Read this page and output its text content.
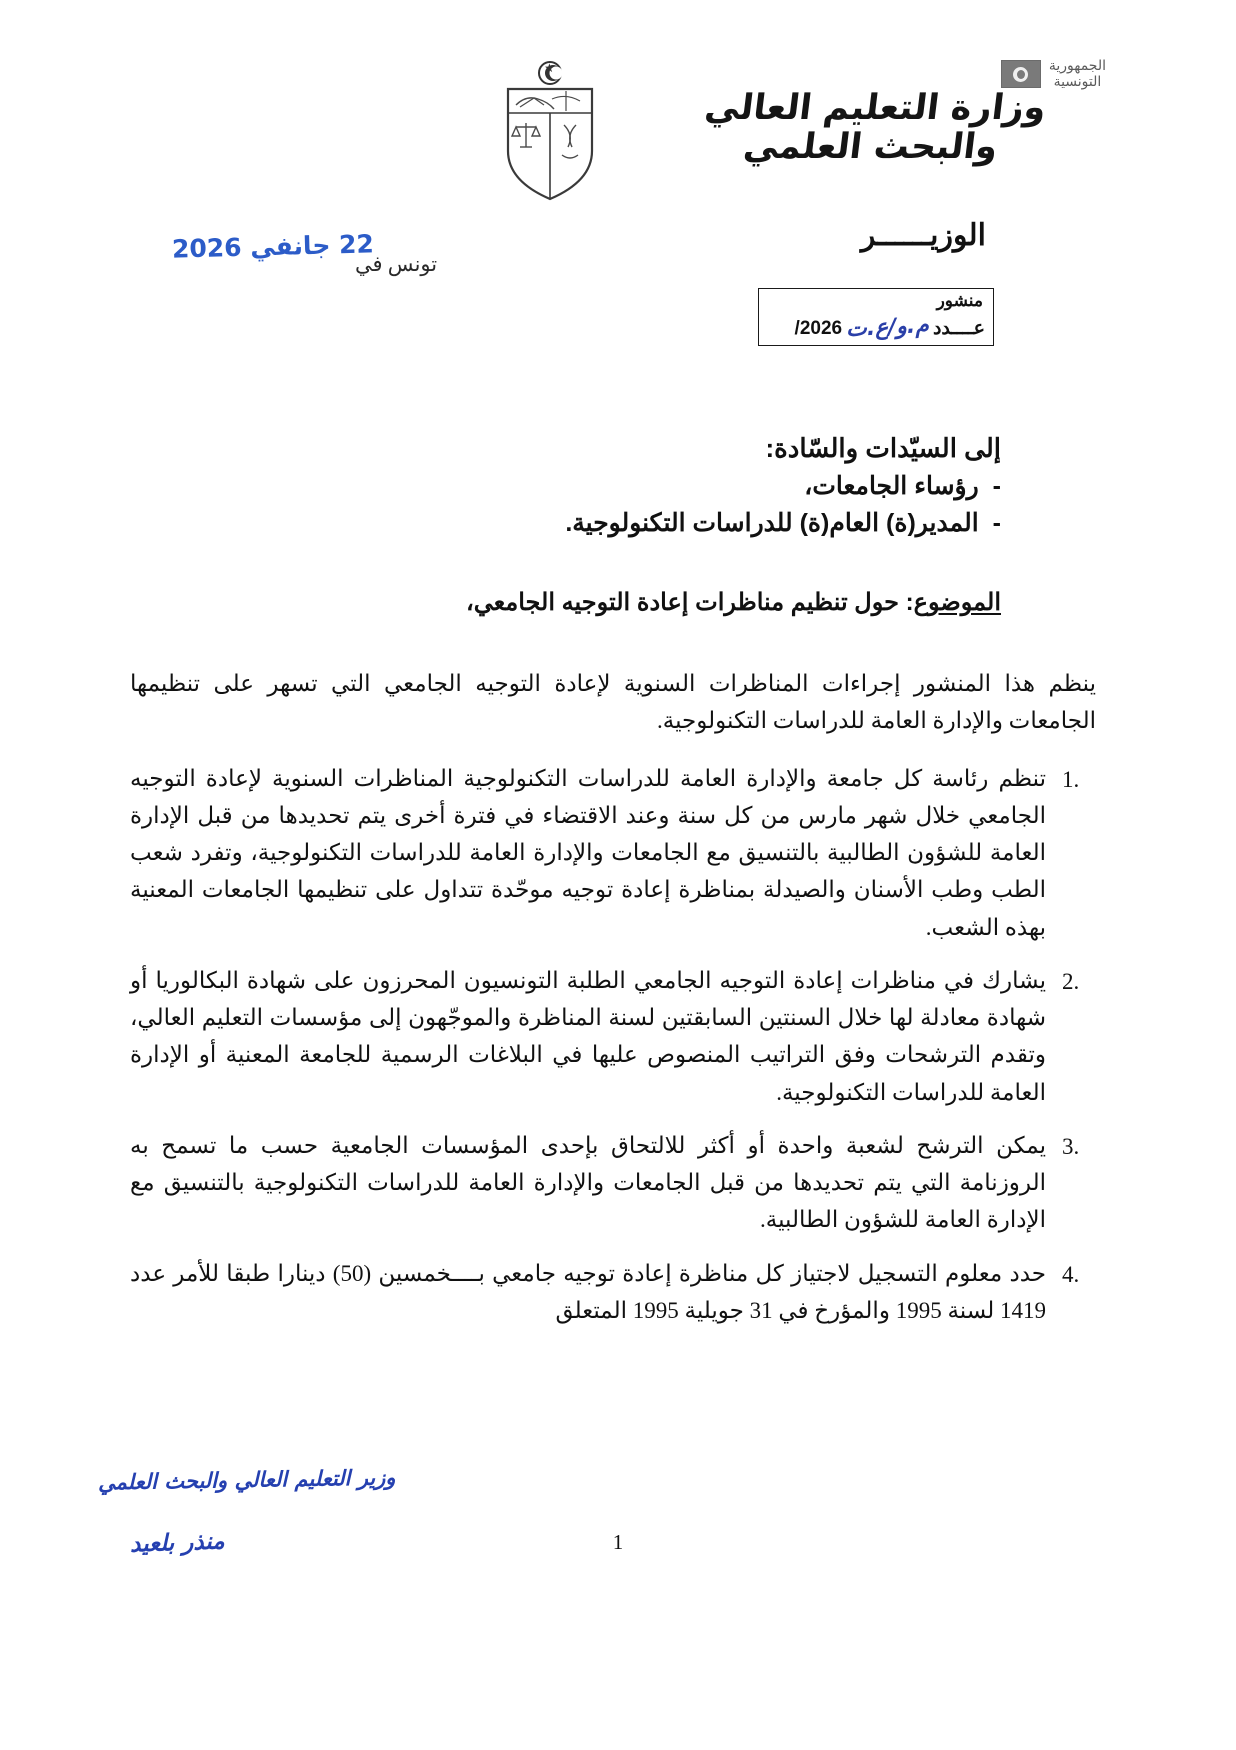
الجمهورية
التونسية
وزارة التعليم العالي
والبحث العلمي
الوزيــــــر
تونس في
22 جانفي 2026
منشور
عــــدد
م.و/ع.ت
2026/
إلى السيّدات والسّادة:
-
رؤساء الجامعات،
-
المدير(ة) العام(ة) للدراسات التكنولوجية.
الموضوع: حول تنظيم مناظرات إعادة التوجيه الجامعي،

ينظم هذا المنشور إجراءات المناظرات السنوية لإعادة التوجيه الجامعي التي تسهر على تنظيمها الجامعات والإدارة العامة للدراسات التكنولوجية.

.1
تنظم رئاسة كل جامعة والإدارة العامة للدراسات التكنولوجية المناظرات السنوية لإعادة التوجيه الجامعي خلال شهر مارس من كل سنة وعند الاقتضاء في فترة أخرى يتم تحديدها من قبل الإدارة العامة للشؤون الطالبية بالتنسيق مع الجامعات والإدارة العامة للدراسات التكنولوجية، وتفرد شعب الطب وطب الأسنان والصيدلة بمناظرة إعادة توجيه موحّدة تتداول على تنظيمها الجامعات المعنية بهذه الشعب.
.2
يشارك في مناظرات إعادة التوجيه الجامعي الطلبة التونسيون المحرزون على شهادة البكالوريا أو شهادة معادلة لها خلال السنتين السابقتين لسنة المناظرة والموجّهون إلى مؤسسات التعليم العالي، وتقدم الترشحات وفق التراتيب المنصوص عليها في البلاغات الرسمية للجامعة المعنية أو الإدارة العامة للدراسات التكنولوجية.
.3
يمكن الترشح لشعبة واحدة أو أكثر للالتحاق بإحدى المؤسسات الجامعية حسب ما تسمح به الروزنامة التي يتم تحديدها من قبل الجامعات والإدارة العامة للدراسات التكنولوجية بالتنسيق مع الإدارة العامة للشؤون الطالبية.
.4
حدد معلوم التسجيل لاجتياز كل مناظرة إعادة توجيه جامعي بــــخمسين (50) دينارا طبقا للأمر عدد 1419 لسنة 1995 والمؤرخ في 31 جويلية 1995 المتعلق
وزير التعليم العالي والبحث العلمي
منذر بلعيد	1
